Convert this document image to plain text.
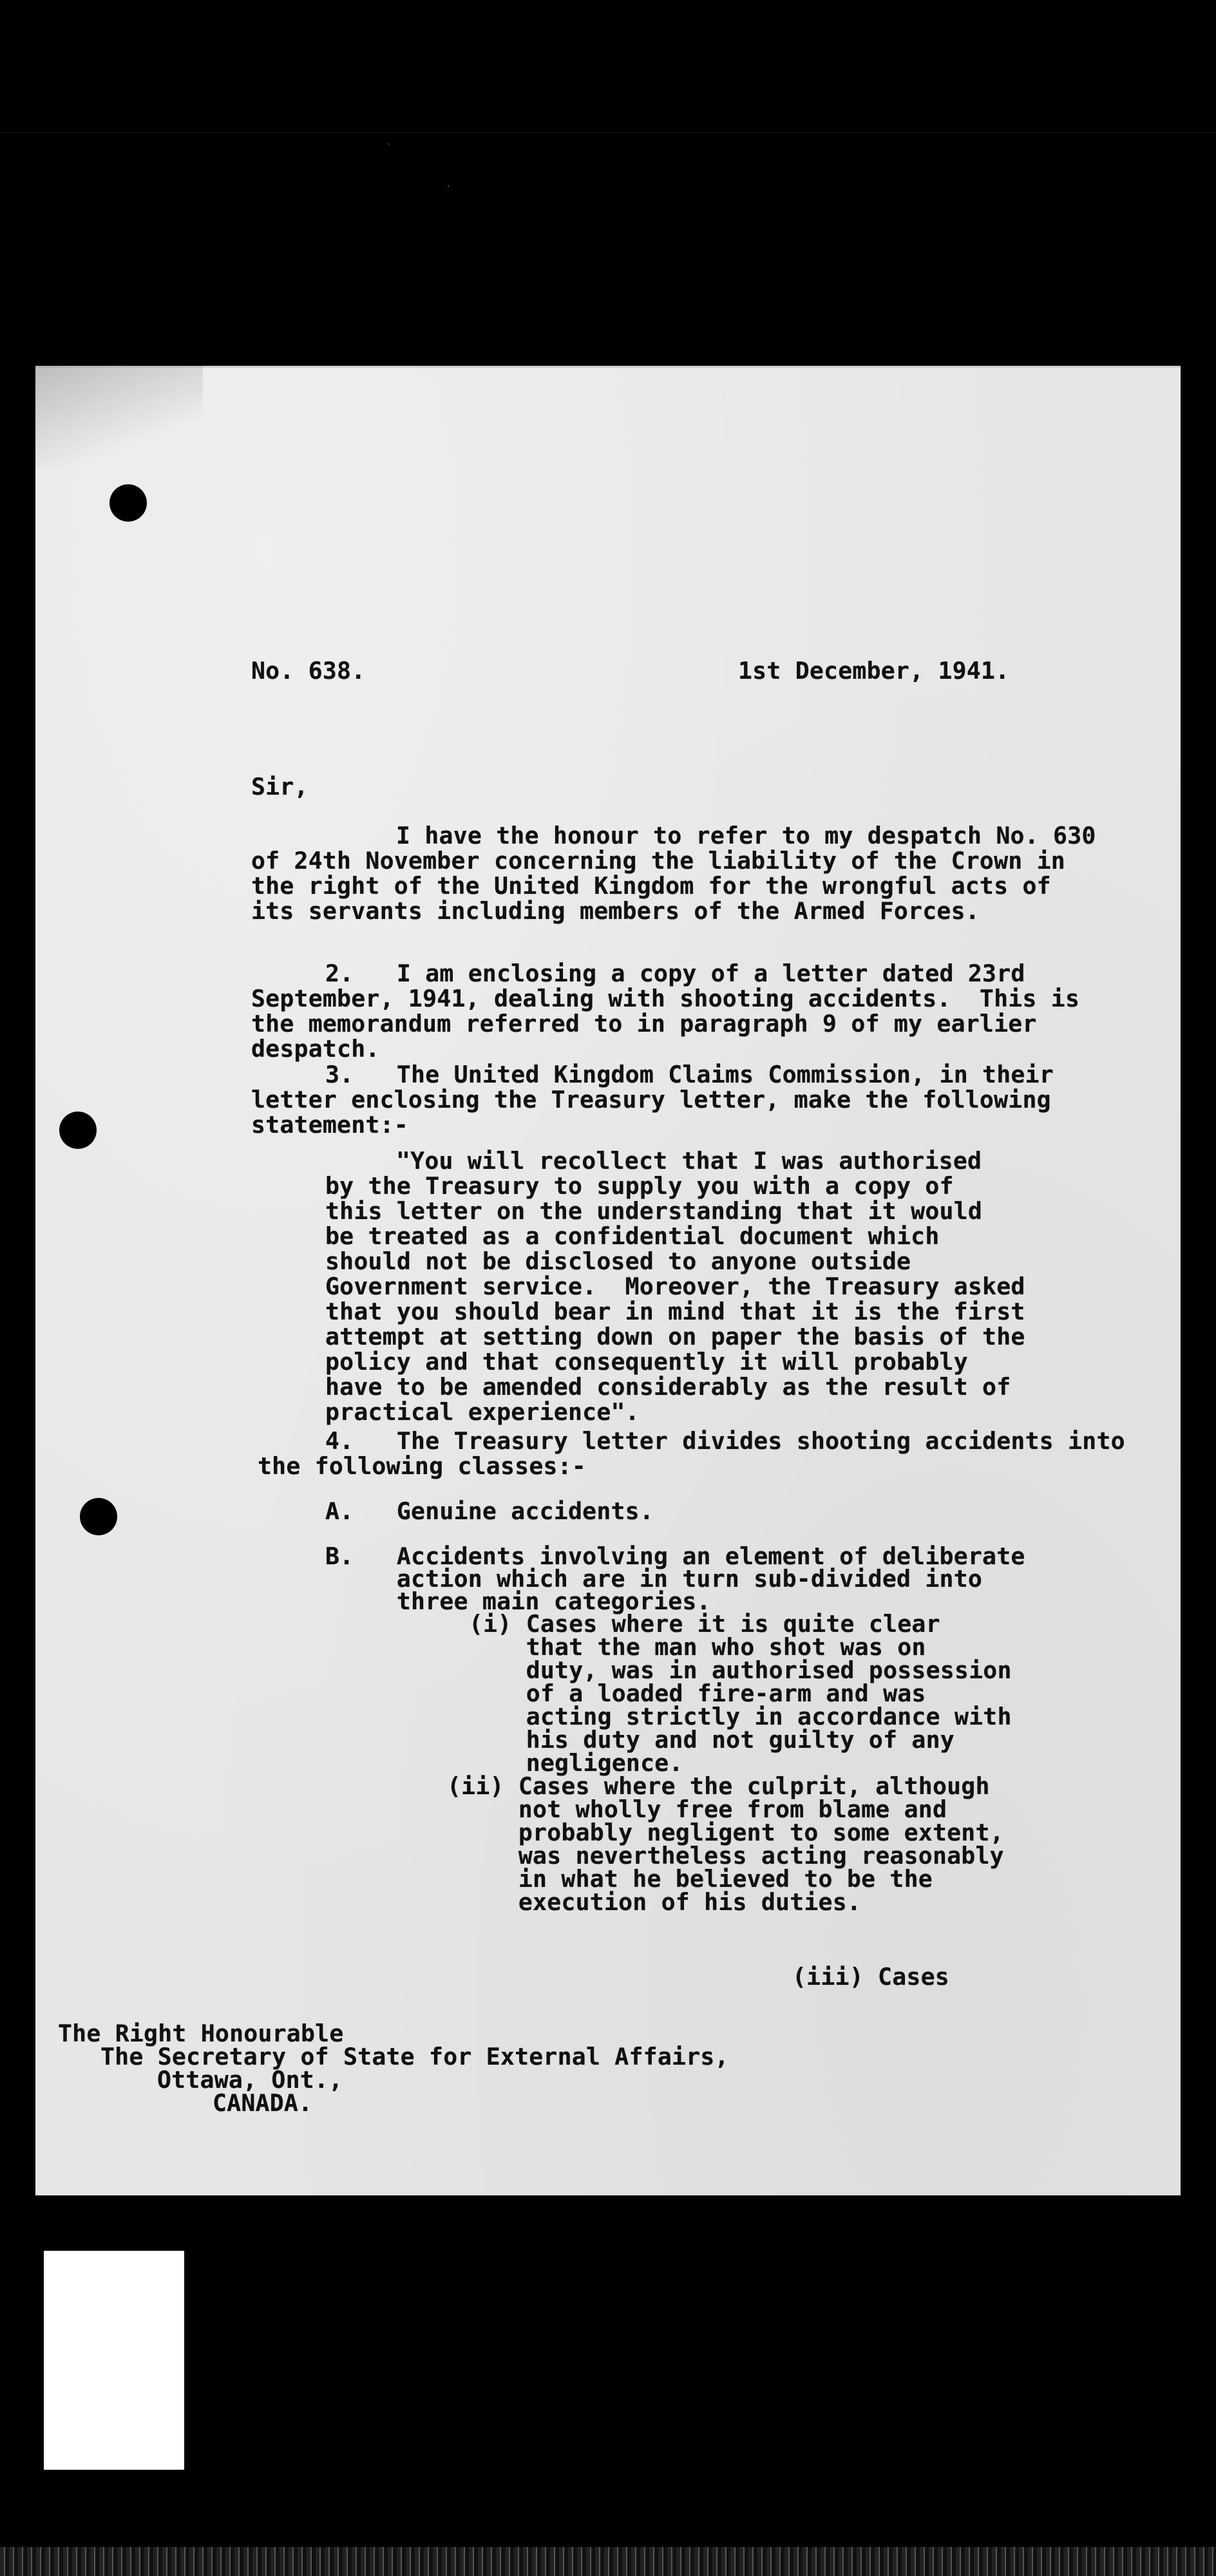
`
.
No. 638.	1st December, 1941.
Sir,
I have the honour to refer to my despatch No. 630
of 24th November concerning the liability of the Crown in
the right of the United Kingdom for the wrongful acts of
its servants including members of the Armed Forces.
2.   I am enclosing a copy of a letter dated 23rd
September, 1941, dealing with shooting accidents.  This is
the memorandum referred to in paragraph 9 of my earlier
despatch.
3.   The United Kingdom Claims Commission, in their
letter enclosing the Treasury letter, make the following
statement:-
"You will recollect that I was authorised
by the Treasury to supply you with a copy of
this letter on the understanding that it would
be treated as a confidential document which
should not be disclosed to anyone outside
Government service.  Moreover, the Treasury asked
that you should bear in mind that it is the first
attempt at setting down on paper the basis of the
policy and that consequently it will probably
have to be amended considerably as the result of
practical experience".
4.   The Treasury letter divides shooting accidents into
the following classes:-
A.   Genuine accidents.
B.   Accidents involving an element of deliberate
action which are in turn sub-divided into
three main categories.
(i) Cases where it is quite clear
that the man who shot was on
duty, was in authorised possession
of a loaded fire-arm and was
acting strictly in accordance with
his duty and not guilty of any
negligence.
(ii) Cases where the culprit, although
not wholly free from blame and
probably negligent to some extent,
was nevertheless acting reasonably
in what he believed to be the
execution of his duties.
(iii) Cases
The Right Honourable
The Secretary of State for External Affairs,
Ottawa, Ont.,
CANADA.
